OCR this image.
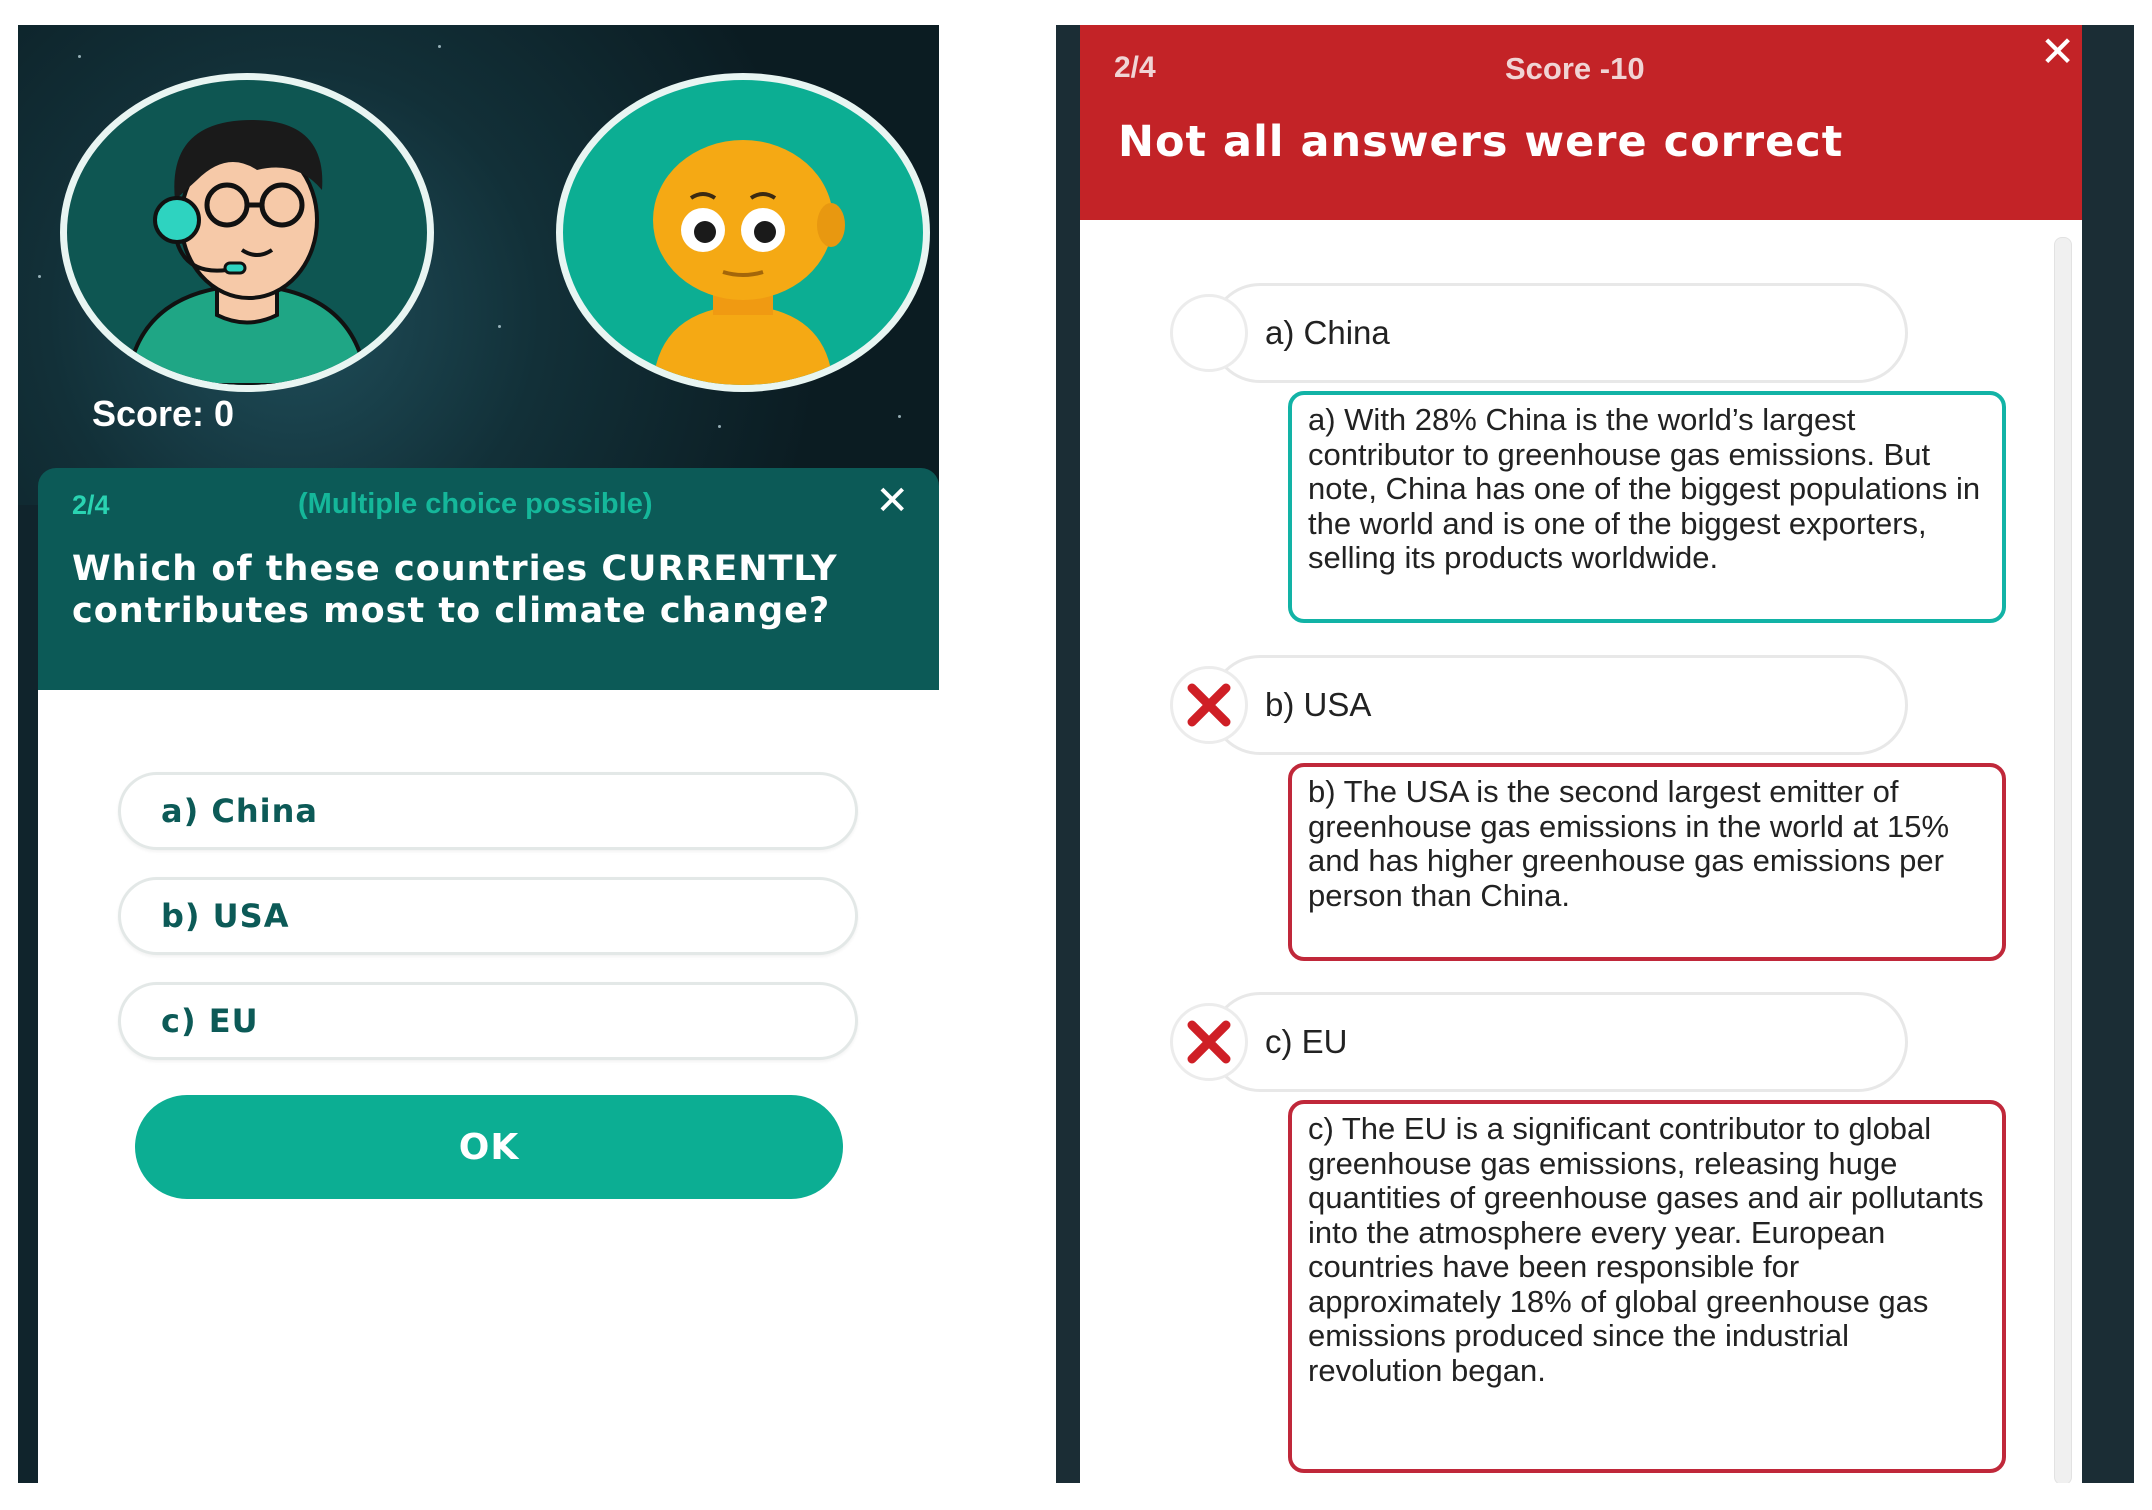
Score: 0
2/4	(Multiple choice possible)	✕
Which of these countries CURRENTLY contributes most to climate change?
a) China
b) USA
c) EU
OK
2/4	Score -10	✕
Not all answers were correct
a) China
a) With 28% China is the world’s largest contributor to greenhouse gas emissions. But note, China has one of the biggest populations in the world and is one of the biggest exporters, selling its products worldwide.
b) USA
b) The USA is the second largest emitter of greenhouse gas emissions in the world at 15% and has higher greenhouse gas emissions per person than China.
c) EU
c) The EU is a significant contributor to global greenhouse gas emissions, releasing huge quantities of greenhouse gases and air pollutants into the atmosphere every year. European countries have been responsible for approximately 18% of global greenhouse gas emissions produced since the industrial revolution began.
